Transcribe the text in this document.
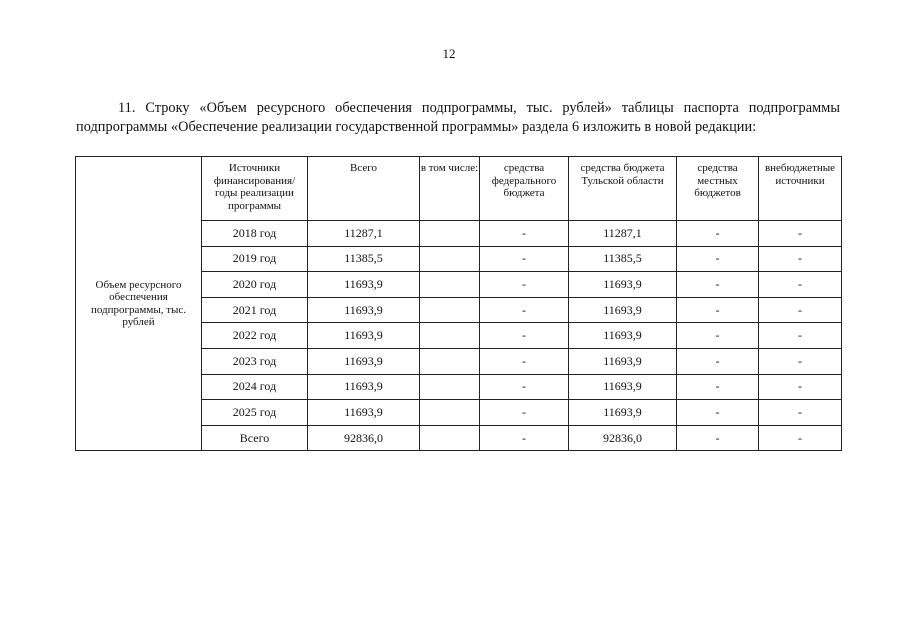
12
11. Строку «Объем ресурсного обеспечения подпрограммы, тыс. рублей» таблицы паспорта подпрограммы подпрограммы «Обеспечение реализации государственной программы» раздела 6 изложить в новой редакции:
Объем ресурсного обеспечения подпрограммы, тыс. рублей	Источники финансирования/ годы реализации программы	Всего	в том числе:	средства федерального бюджета	средства бюджета Тульской области	средства местных бюджетов	внебюджетные источники
	2018 год	11287,1		-	11287,1	-	-
	2019 год	11385,5		-	11385,5	-	-
	2020 год	11693,9		-	11693,9	-	-
	2021 год	11693,9		-	11693,9	-	-
	2022 год	11693,9		-	11693,9	-	-
	2023 год	11693,9		-	11693,9	-	-
	2024 год	11693,9		-	11693,9	-	-
	2025 год	11693,9		-	11693,9	-	-
	Всего	92836,0		-	92836,0	-	-
